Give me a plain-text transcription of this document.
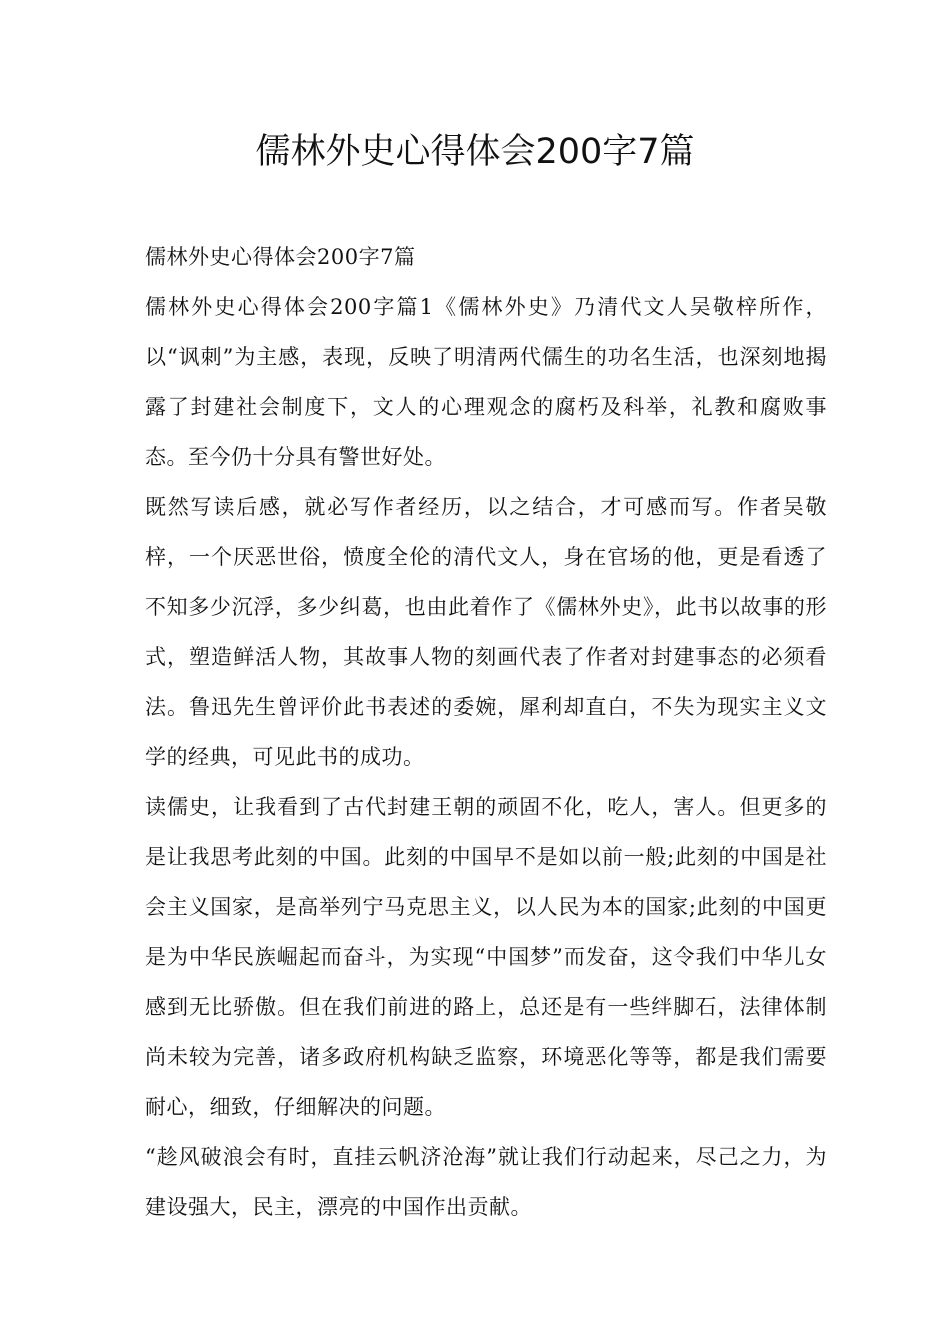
儒林外史心得体会200字7篇

儒林外史心得体会200字7篇

儒林外史心得体会200字篇1《儒林外史》乃清代文人吴敬梓所作，以“讽刺”为主感，表现，反映了明清两代儒生的功名生活，也深刻地揭露了封建社会制度下，文人的心理观念的腐朽及科举，礼教和腐败事态。至今仍十分具有警世好处。

既然写读后感，就必写作者经历，以之结合，才可感而写。作者吴敬梓，一个厌恶世俗，愤度全伦的清代文人，身在官场的他，更是看透了不知多少沉浮，多少纠葛，也由此着作了《儒林外史》，此书以故事的形式，塑造鲜活人物，其故事人物的刻画代表了作者对封建事态的必须看法。鲁迅先生曾评价此书表述的委婉，犀利却直白，不失为现实主义文学的经典，可见此书的成功。

读儒史，让我看到了古代封建王朝的顽固不化，吃人，害人。但更多的是让我思考此刻的中国。此刻的中国早不是如以前一般;此刻的中国是社会主义国家，是高举列宁马克思主义，以人民为本的国家;此刻的中国更是为中华民族崛起而奋斗，为实现“中国梦”而发奋，这令我们中华儿女感到无比骄傲。但在我们前进的路上，总还是有一些绊脚石，法律体制尚未较为完善，诸多政府机构缺乏监察，环境恶化等等，都是我们需要耐心，细致，仔细解决的问题。

“趁风破浪会有时，直挂云帆济沧海”就让我们行动起来，尽己之力，为建设强大，民主，漂亮的中国作出贡献。
